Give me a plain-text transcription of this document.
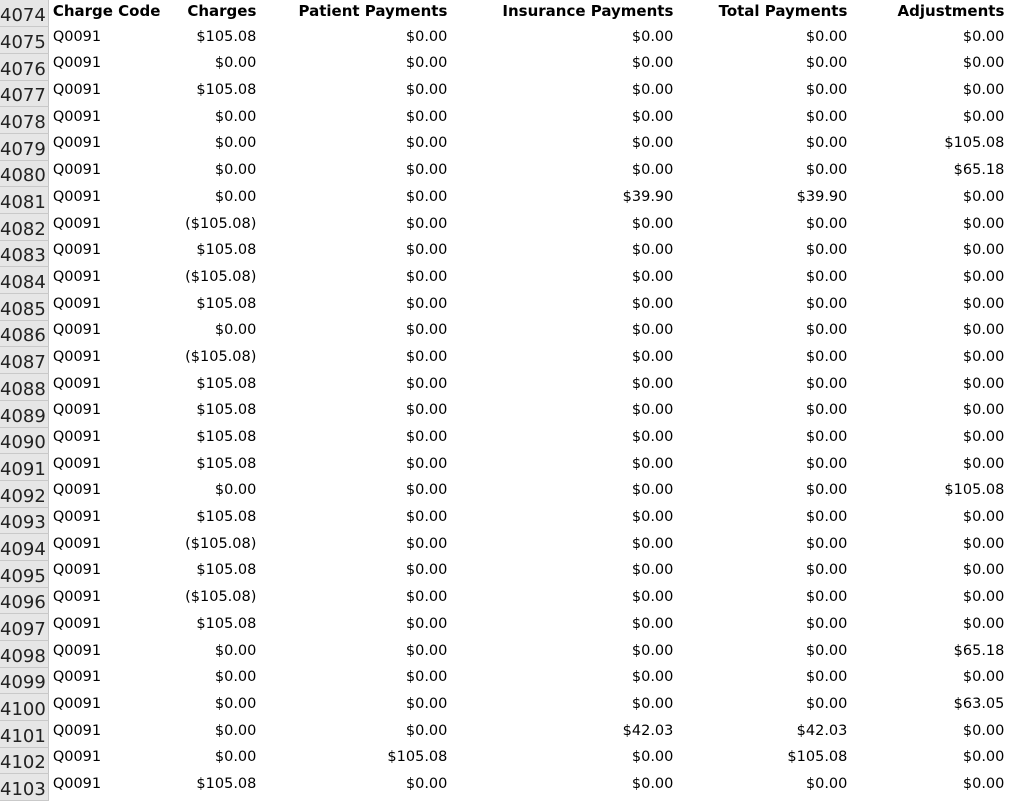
4074	Charge Code	Charges	Patient Payments	Insurance Payments	Total Payments	Adjustments
4075	Q0091	$105.08	$0.00	$0.00	$0.00	$0.00
4076	Q0091	$0.00	$0.00	$0.00	$0.00	$0.00
4077	Q0091	$105.08	$0.00	$0.00	$0.00	$0.00
4078	Q0091	$0.00	$0.00	$0.00	$0.00	$0.00
4079	Q0091	$0.00	$0.00	$0.00	$0.00	$105.08
4080	Q0091	$0.00	$0.00	$0.00	$0.00	$65.18
4081	Q0091	$0.00	$0.00	$39.90	$39.90	$0.00
4082	Q0091	($105.08)	$0.00	$0.00	$0.00	$0.00
4083	Q0091	$105.08	$0.00	$0.00	$0.00	$0.00
4084	Q0091	($105.08)	$0.00	$0.00	$0.00	$0.00
4085	Q0091	$105.08	$0.00	$0.00	$0.00	$0.00
4086	Q0091	$0.00	$0.00	$0.00	$0.00	$0.00
4087	Q0091	($105.08)	$0.00	$0.00	$0.00	$0.00
4088	Q0091	$105.08	$0.00	$0.00	$0.00	$0.00
4089	Q0091	$105.08	$0.00	$0.00	$0.00	$0.00
4090	Q0091	$105.08	$0.00	$0.00	$0.00	$0.00
4091	Q0091	$105.08	$0.00	$0.00	$0.00	$0.00
4092	Q0091	$0.00	$0.00	$0.00	$0.00	$105.08
4093	Q0091	$105.08	$0.00	$0.00	$0.00	$0.00
4094	Q0091	($105.08)	$0.00	$0.00	$0.00	$0.00
4095	Q0091	$105.08	$0.00	$0.00	$0.00	$0.00
4096	Q0091	($105.08)	$0.00	$0.00	$0.00	$0.00
4097	Q0091	$105.08	$0.00	$0.00	$0.00	$0.00
4098	Q0091	$0.00	$0.00	$0.00	$0.00	$65.18
4099	Q0091	$0.00	$0.00	$0.00	$0.00	$0.00
4100	Q0091	$0.00	$0.00	$0.00	$0.00	$63.05
4101	Q0091	$0.00	$0.00	$42.03	$42.03	$0.00
4102	Q0091	$0.00	$105.08	$0.00	$105.08	$0.00
4103	Q0091	$105.08	$0.00	$0.00	$0.00	$0.00
